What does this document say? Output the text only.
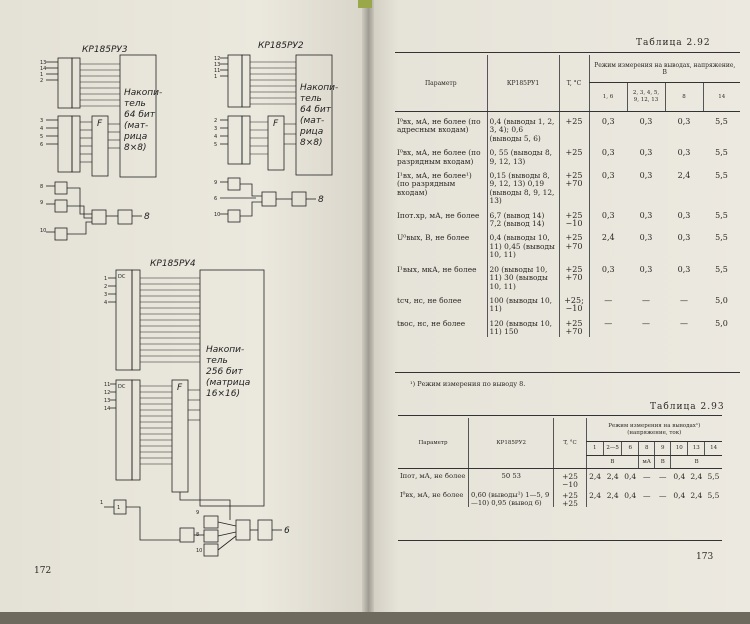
КР185РУ3
Накопи-
тель
64 бит
(мат-
рица
8×8)
13
14
1
2
F
3
4
5
6
8
9
10
8
КР185РУ2
Накопи-
тель
64 бит
(мат-
рица
8×8)
12
13
11
1
F
2
3
4
5
9
6
10
8
КР185РУ4
DC
Накопи-
тель
256 бит
(матрица
16×16)
1
2
3
4
DC	F
11
12
13
14
1
1
9
8
10
6
172
Таблица 2.92
Параметр	КР185РУ1	T, °C	Режим измерения на выводах, напряжение, В			
			1, 6	2, 3, 4, 5, 9, 12, 13	8	14
I⁰вх, мА, не более (по адресным входам)	0,4 (выводы 1, 2, 3, 4); 0,6 (выводы 5, 6)	+25	0,3	0,3	0,3	5,5
I⁰вх, мА, не более (по разрядным входам)	0, 55 (выводы 8, 9, 12, 13)	+25	0,3	0,3	0,3	5,5
I¹вх, мА, не более¹) (по разрядным входам)	0,15 (выводы 8, 9, 12, 13) 0,19 (выводы 8, 9, 12, 13)	+25 +70	0,3	0,3	2,4	5,5
Iпот.хр, мА, не более	6,7 (вывод 14) 7,2 (вывод 14)	+25 −10	0,3	0,3	0,3	5,5
U⁰вых, В, не более	0,4 (выводы 10, 11) 0,45 (выводы 10, 11)	+25 +70	2,4	0,3	0,3	5,5
I¹вых, мкА, не более	20 (выводы 10, 11) 30 (выводы 10, 11)	+25 +70	0,3	0,3	0,3	5,5
tсч, нс, не более	100 (выводы 10, 11)	+25; −10	—	—	—	5,0
tвос, нс, не более	120 (выводы 10, 11) 150	+25 +70	—	—	—	5,0
¹) Режим измерения по выводу 8.
Таблица 2.93
Параметр	КР185РУ2	T, °C	Режим измерения на выводах¹) (напряжение, ток)							
			1	2—5	6	8	9	10	13	14
			В			мА	В	В		
Iпот, мА, не более	50 53	+25 −10	2,4	2,4	0,4	—	—	0,4	2,4	5,5
I⁰вх, мА, не более	0,60 (выводы¹) 1—5, 9—10) 0,95 (вывод 6)	+25 +25	2,4	2,4	0,4	—	—	0,4	2,4	5,5
173
